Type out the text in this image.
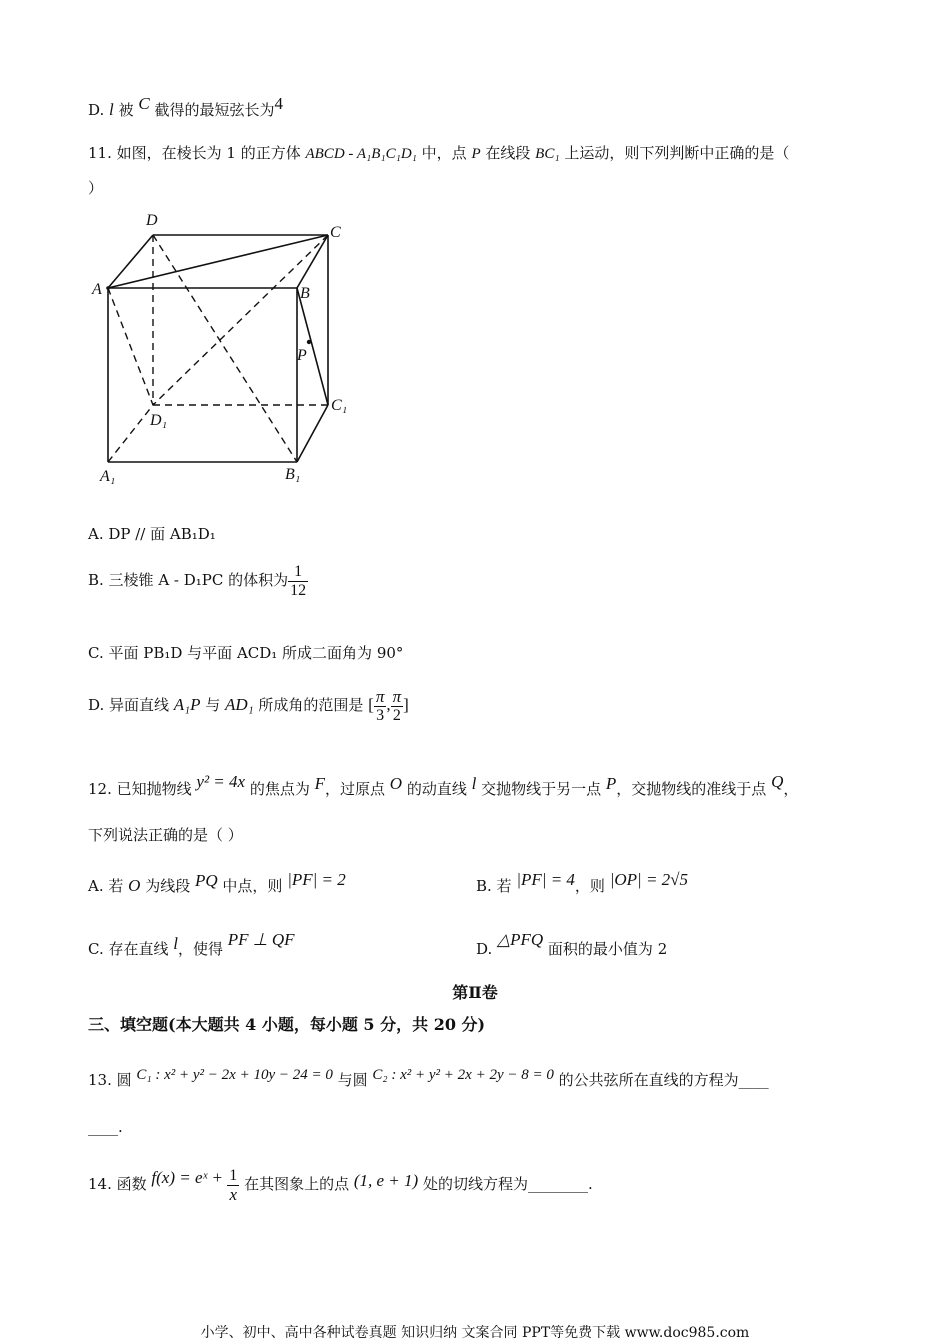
D. l 被 C 截得的最短弦长为4
11. 如图，在棱长为 1 的正方体 ABCD - A₁B₁C₁D₁ 中，点 P 在线段 BC₁ 上运动，则下列判断中正确的是（
）
D
C
A	B
P
D₁
C₁
A₁	B₁
A. DP // 面 AB₁D₁
B. 三棱锥 A - D₁PC 的体积为 $\frac{1}{12}$
C. 平面 PB₁D 与平面 ACD₁ 所成二面角为 90°
D. 异面直线 A₁P 与 AD₁ 所成角的范围是 [ $\frac{\pi}{3}$ , $\frac{\pi}{2}$ ]
12. 已知抛物线 y² = 4x 的焦点为 F，过原点 O 的动直线 l 交抛物线于另一点 P，交抛物线的准线于点 Q，
下列说法正确的是（ ）
A. 若 O 为线段 PQ 中点，则 |PF| = 2	B. 若 |PF| = 4，则 |OP| = 2√5
C. 存在直线 l，使得 PF ⊥ QF	D. △PFQ 面积的最小值为 2
第Ⅱ卷
三、填空题(本大题共 4 小题，每小题 5 分，共 20 分)
13. 圆 C₁ : x² + y² − 2x + 10y − 24 = 0 与圆 C₂ : x² + y² + 2x + 2y − 8 = 0 的公共弦所在直线的方程为____
____.
14. 函数 f(x) = eˣ + $\frac{1}{x}$ 在其图象上的点 (1, e + 1) 处的切线方程为________.
小学、初中、高中各种试卷真题 知识归纳 文案合同 PPT等免费下载 www.doc985.com
